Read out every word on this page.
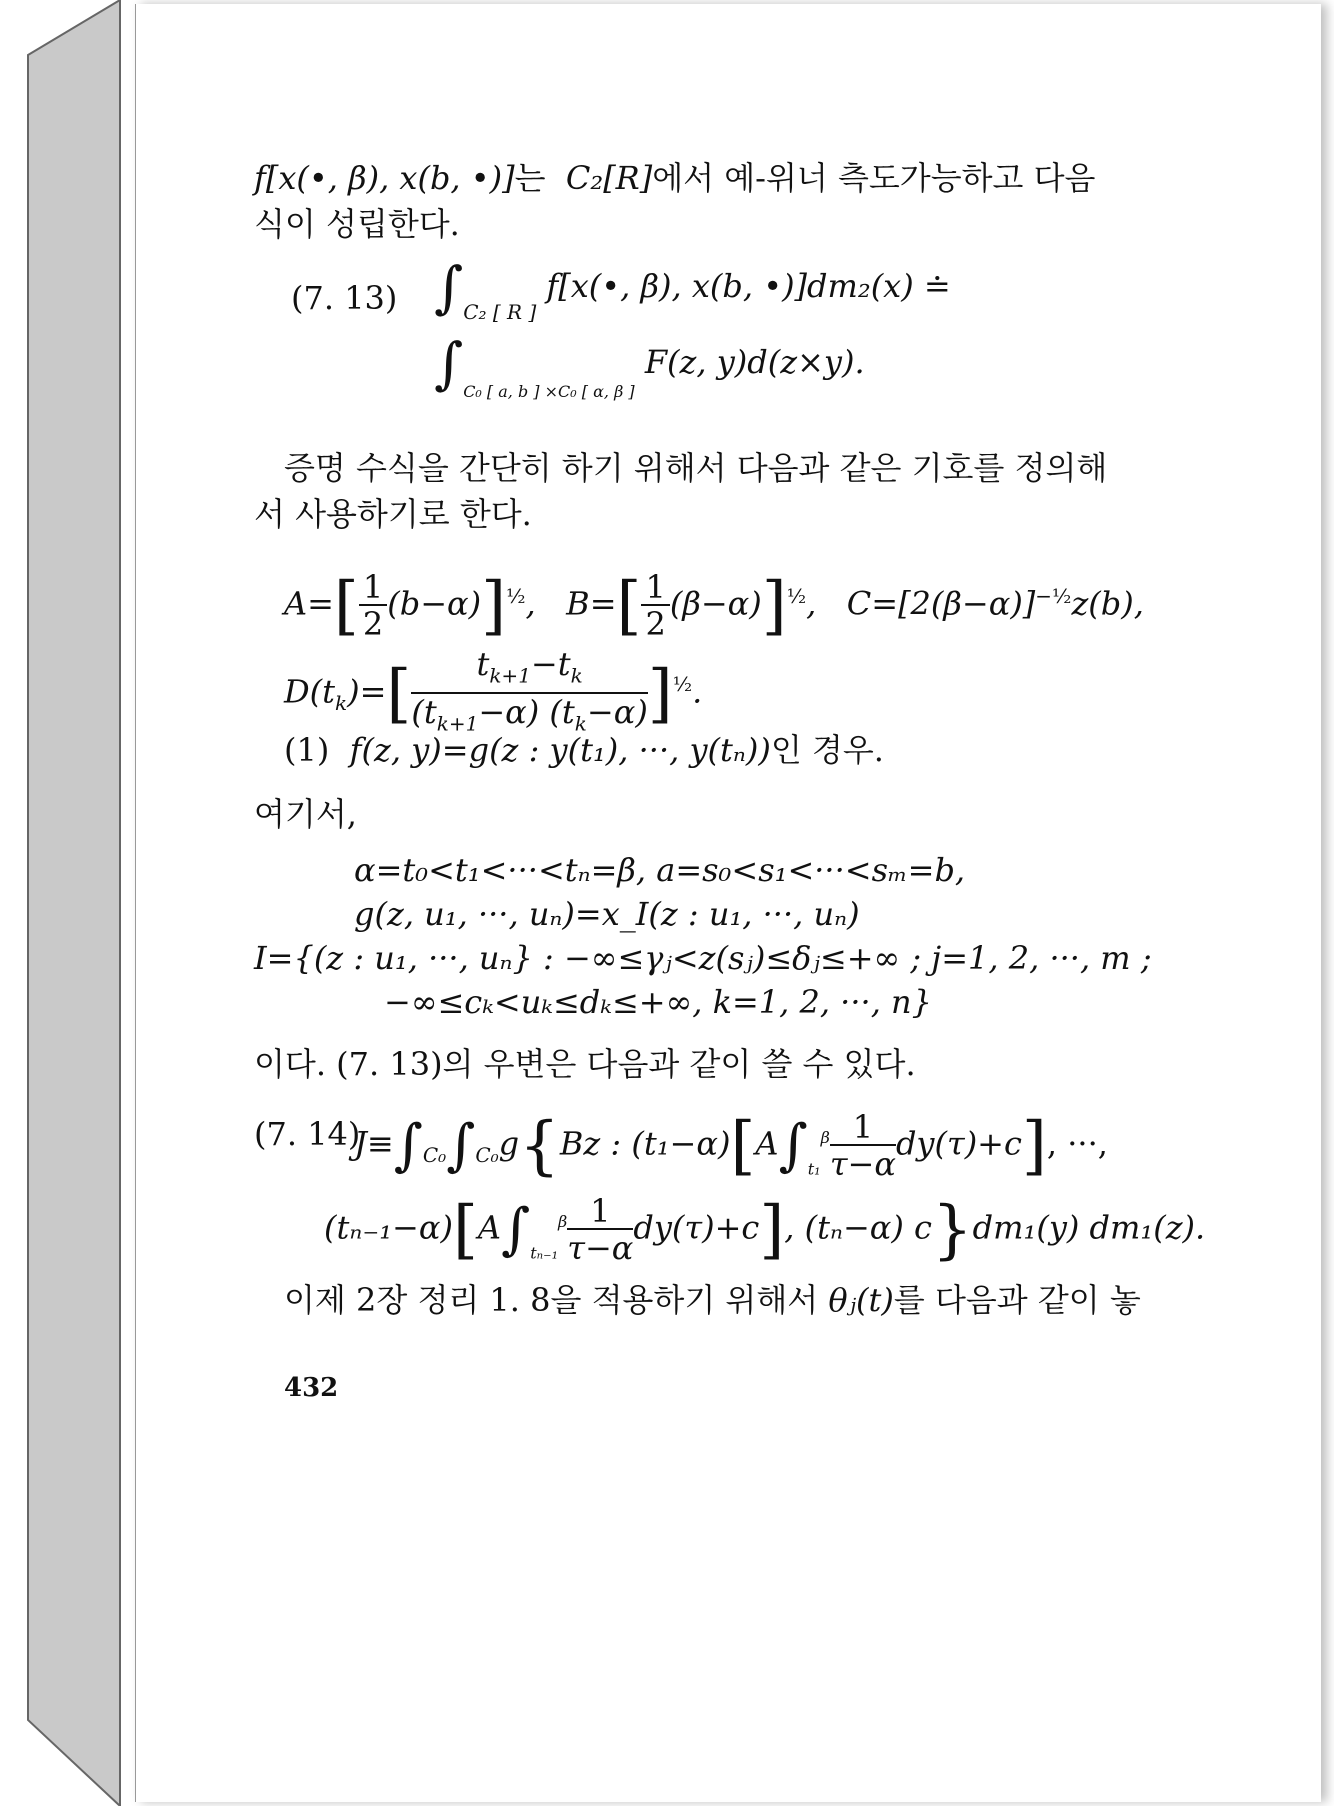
f[x(•, β), x(b, •)]는 C₂[R]에서 예-위너 측도가능하고 다음
식이 성립한다.
(7. 13) $\int_{C_2 [ R ]}$ f[x(•, β), x(b, •)]dm₂(x) ≐
$\int_{C_0 [ a, b ] \times C_0 [ \alpha, \beta ]}$ F(z, y)d(z×y).
증명 수식을 간단히 하기 위해서 다음과 같은 기호를 정의해
서 사용하기로 한다.
$A=[ \frac{1}{2} (b-\alpha)]^{\frac{1}{2}}$,   $B=[ \frac{1}{2} (\beta-\alpha)]^{\frac{1}{2}}$,   $C=[2(\beta-\alpha)]^{-\frac{1}{2}}z(b)$,
$D(t_k)=[ \frac{t_{k+1}-t_k}{(t_{k+1}-\alpha) (t_k-\alpha)} ]^{\frac{1}{2}}$.
(1) f(z, y)=g(z : y(t₁), ···, y(tₙ))인 경우.
여기서,
α=t₀<t₁<···<tₙ=β, a=s₀<s₁<···<sₘ=b,
g(z, u₁, ···, uₙ)=x_I(z : u₁, ···, uₙ)
I={(z : u₁, ···, uₙ} : −∞≤γⱼ<z(sⱼ)≤δⱼ≤+∞ ; j=1, 2, ···, m ;
−∞≤cₖ<uₖ≤dₖ≤+∞, k=1, 2, ···, n}
이다. (7. 13)의 우변은 다음과 같이 쓸 수 있다.
(7. 14)
$J\equiv\int_{C_0}\int_{C_0}g\{Bz$ : $(t_1-\alpha)[A\int_{t_1}^\beta \frac{1}{\tau-\alpha} dy(\tau)+c]$, ···,
$(t_{n-1}-\alpha)[A\int_{t_{n-1}}^\beta \frac{1}{\tau-\alpha} dy(\tau)+c]$, (tₙ−α) c}dm₁(y) dm₁(z).
이제 2장 정리 1. 8을 적용하기 위해서 θⱼ(t)를 다음과 같이 놓
432
